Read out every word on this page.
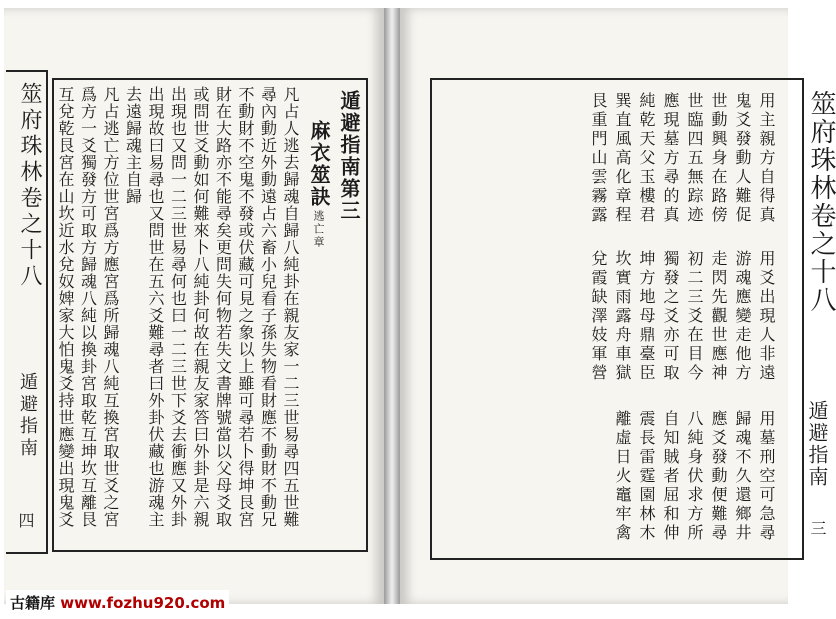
筮府珠林卷之十八
遁避指南
四
遁避指南第三
麻衣筮訣
逃亡章
凡占人逃去歸魂自歸八純卦在親友家一二三世易尋四五世難
尋內動近外動遠占六畜小兒看子孫失物看財應不動財不動兄
不動財不空鬼不發或伏藏可見之象以上雖可尋若卜得坤艮宮
財在大路亦不能尋矣更問失何物若失文書牌號當以父母爻取
或問世爻動如何難來卜八純卦何故在親友家答曰外卦是六親
出現也又問一二三世易尋何也曰一二三世下爻去衝應又外卦
出現故曰易尋也又問世在五六爻難尋者曰外卦伏藏也游魂主
去遠歸魂主自歸
凡占逃亡方位世宮爲方應宮爲所歸魂八純互換宮取世爻之宮
爲方一爻獨發方可取方歸魂八純以換卦宮取乾互坤坎互離艮
互兌乾艮宮在山坎近水兌奴婢家大怕鬼爻持世應變出現鬼爻	筮府珠林卷之十八
遁避指南
三
用主親方自得真
鬼爻發動人難促
世動興身在路傍
世臨四五無踪迹
應現墓方尋的真
純乾天父玉樓君
巽直風高化章程
艮重門山雲霧露
用爻出現人非遠
游魂應變走他方
走閃先觀世應神
初二三爻在目今
獨發之爻亦可取
坤方地母鼎臺臣
坎實雨露舟車獄
兌霞缺澤妓軍營
用墓刑空可急尋
歸魂不久還鄉井
應爻發動便難尋
八純身伏求方所
自知賊者屈和伸
震長雷霆園林木
離虛日火竈牢禽
古籍库 www.fozhu920.com
